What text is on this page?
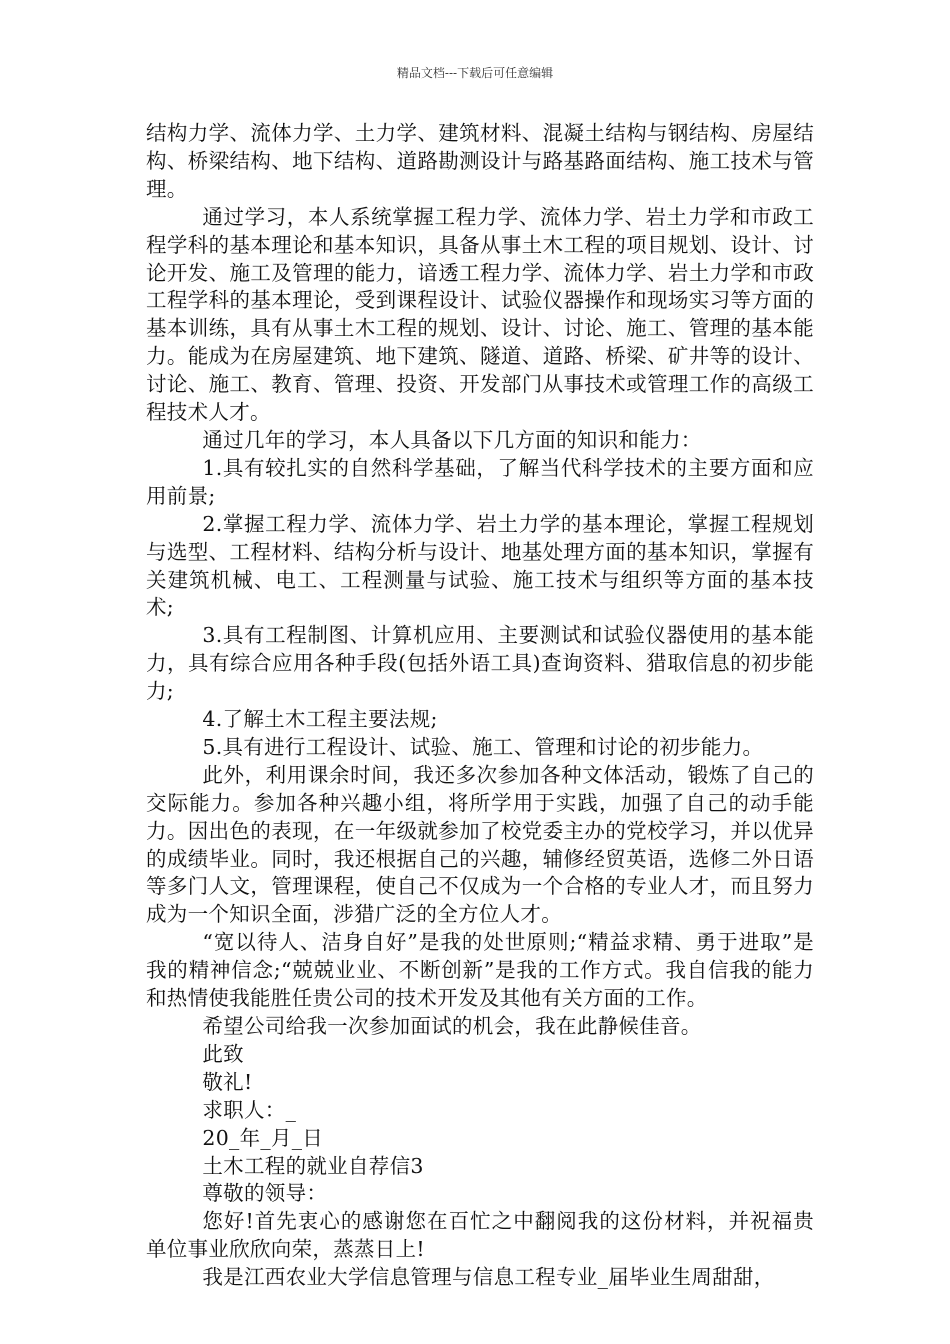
精品文档---下载后可任意编辑

结构力学、流体力学、土力学、建筑材料、混凝土结构与钢结构、房屋结构、桥梁结构、地下结构、道路勘测设计与路基路面结构、施工技术与管理。

通过学习，本人系统掌握工程力学、流体力学、岩土力学和市政工程学科的基本理论和基本知识，具备从事土木工程的项目规划、设计、讨论开发、施工及管理的能力，谙透工程力学、流体力学、岩土力学和市政工程学科的基本理论，受到课程设计、试验仪器操作和现场实习等方面的基本训练，具有从事土木工程的规划、设计、讨论、施工、管理的基本能力。能成为在房屋建筑、地下建筑、隧道、道路、桥梁、矿井等的设计、讨论、施工、教育、管理、投资、开发部门从事技术或管理工作的高级工程技术人才。

通过几年的学习，本人具备以下几方面的知识和能力：

1.具有较扎实的自然科学基础，了解当代科学技术的主要方面和应用前景;

2.掌握工程力学、流体力学、岩土力学的基本理论，掌握工程规划与选型、工程材料、结构分析与设计、地基处理方面的基本知识，掌握有关建筑机械、电工、工程测量与试验、施工技术与组织等方面的基本技术;

3.具有工程制图、计算机应用、主要测试和试验仪器使用的基本能力，具有综合应用各种手段(包括外语工具)查询资料、猎取信息的初步能力;

4.了解土木工程主要法规;

5.具有进行工程设计、试验、施工、管理和讨论的初步能力。

此外，利用课余时间，我还多次参加各种文体活动，锻炼了自己的交际能力。参加各种兴趣小组，将所学用于实践，加强了自己的动手能力。因出色的表现，在一年级就参加了校党委主办的党校学习，并以优异的成绩毕业。同时，我还根据自己的兴趣，辅修经贸英语，选修二外日语等多门人文，管理课程，使自己不仅成为一个合格的专业人才，而且努力成为一个知识全面，涉猎广泛的全方位人才。

“宽以待人、洁身自好”是我的处世原则;“精益求精、勇于进取”是我的精神信念;“兢兢业业、不断创新”是我的工作方式。我自信我的能力和热情使我能胜任贵公司的技术开发及其他有关方面的工作。

希望公司给我一次参加面试的机会，我在此静候佳音。

此致

敬礼!

求职人：_

20_年_月_日

土木工程的就业自荐信3

尊敬的领导：

您好!首先衷心的感谢您在百忙之中翻阅我的这份材料，并祝福贵单位事业欣欣向荣，蒸蒸日上!

我是江西农业大学信息管理与信息工程专业_届毕业生周甜甜，
